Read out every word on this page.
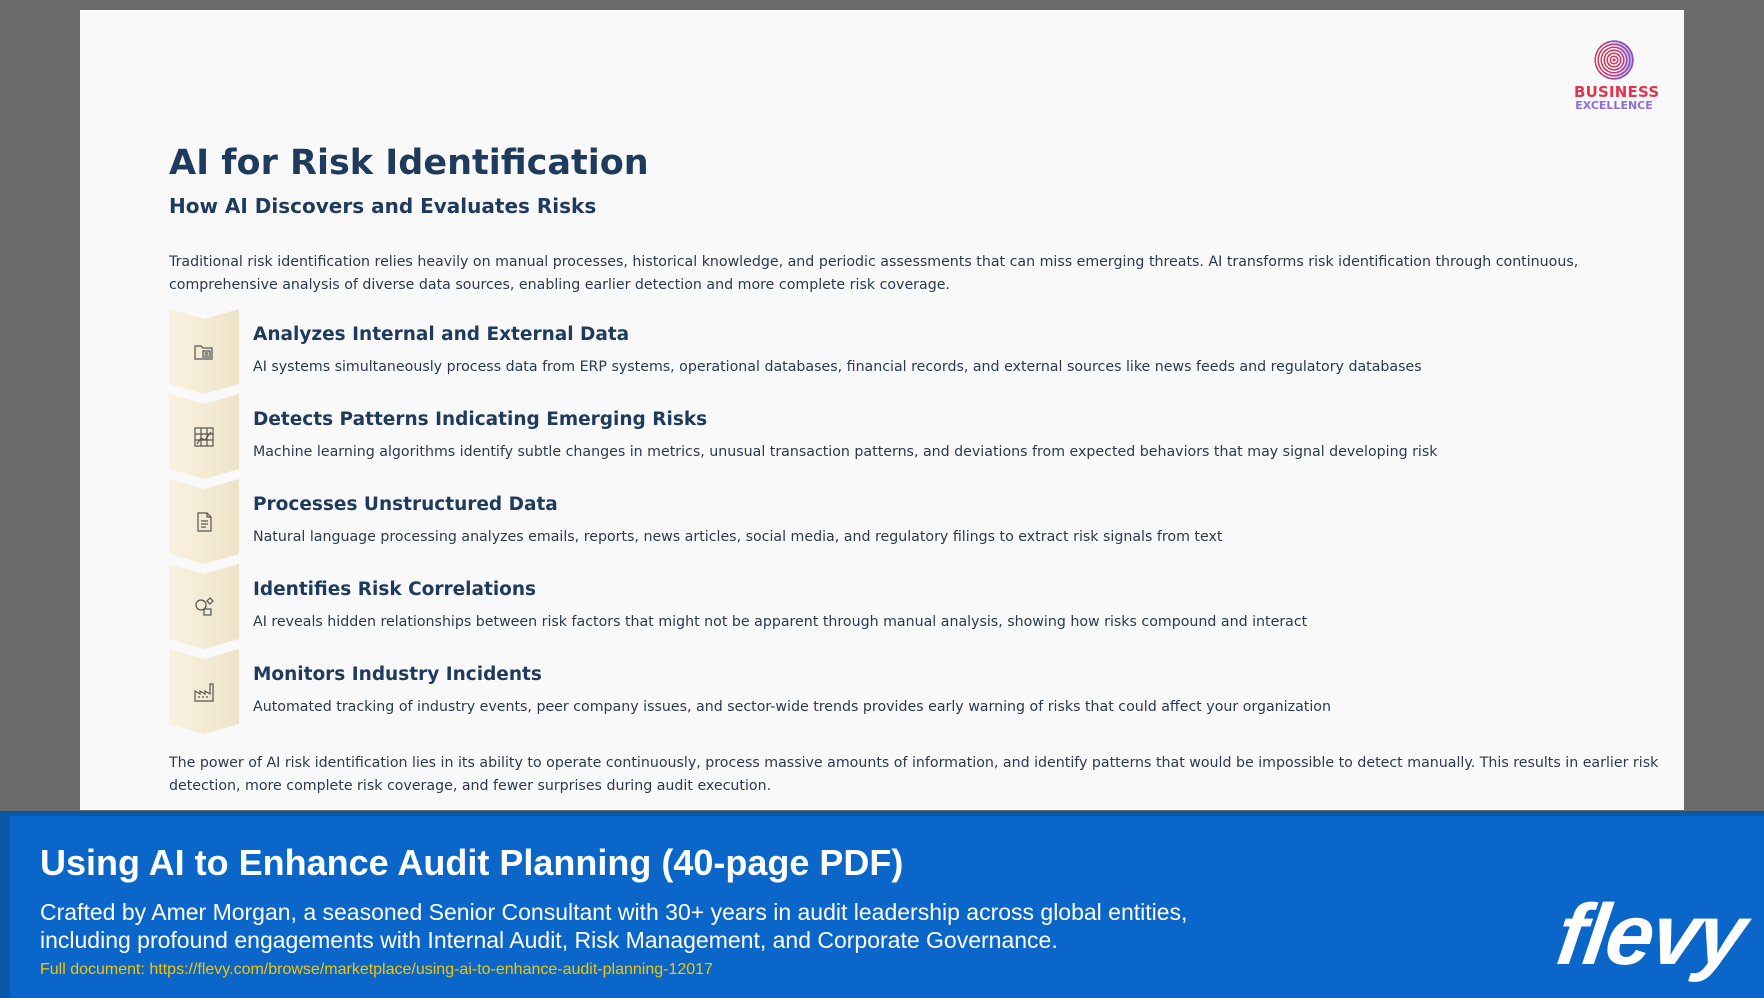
BUSINESS
EXCELLENCE
AI for Risk Identification
How AI Discovers and Evaluates Risks

Traditional risk identification relies heavily on manual processes, historical knowledge, and periodic assessments that can miss emerging threats. AI transforms risk identification through continuous, comprehensive analysis of diverse data sources, enabling earlier detection and more complete risk coverage.

Analyzes Internal and External Data

AI systems simultaneously process data from ERP systems, operational databases, financial records, and external sources like news feeds and regulatory databases

Detects Patterns Indicating Emerging Risks

Machine learning algorithms identify subtle changes in metrics, unusual transaction patterns, and deviations from expected behaviors that may signal developing risk

Processes Unstructured Data

Natural language processing analyzes emails, reports, news articles, social media, and regulatory filings to extract risk signals from text

Identifies Risk Correlations

AI reveals hidden relationships between risk factors that might not be apparent through manual analysis, showing how risks compound and interact

Monitors Industry Incidents

Automated tracking of industry events, peer company issues, and sector-wide trends provides early warning of risks that could affect your organization

The power of AI risk identification lies in its ability to operate continuously, process massive amounts of information, and identify patterns that would be impossible to detect manually. This results in earlier risk detection, more complete risk coverage, and fewer surprises during audit execution.

Using AI to Enhance Audit Planning (40-page PDF)

Crafted by Amer Morgan, a seasoned Senior Consultant with 30+ years in audit leadership across global entities, including profound engagements with Internal Audit, Risk Management, and Corporate Governance.

Full document: https://flevy.com/browse/marketplace/using-ai-to-enhance-audit-planning-12017	flevy
